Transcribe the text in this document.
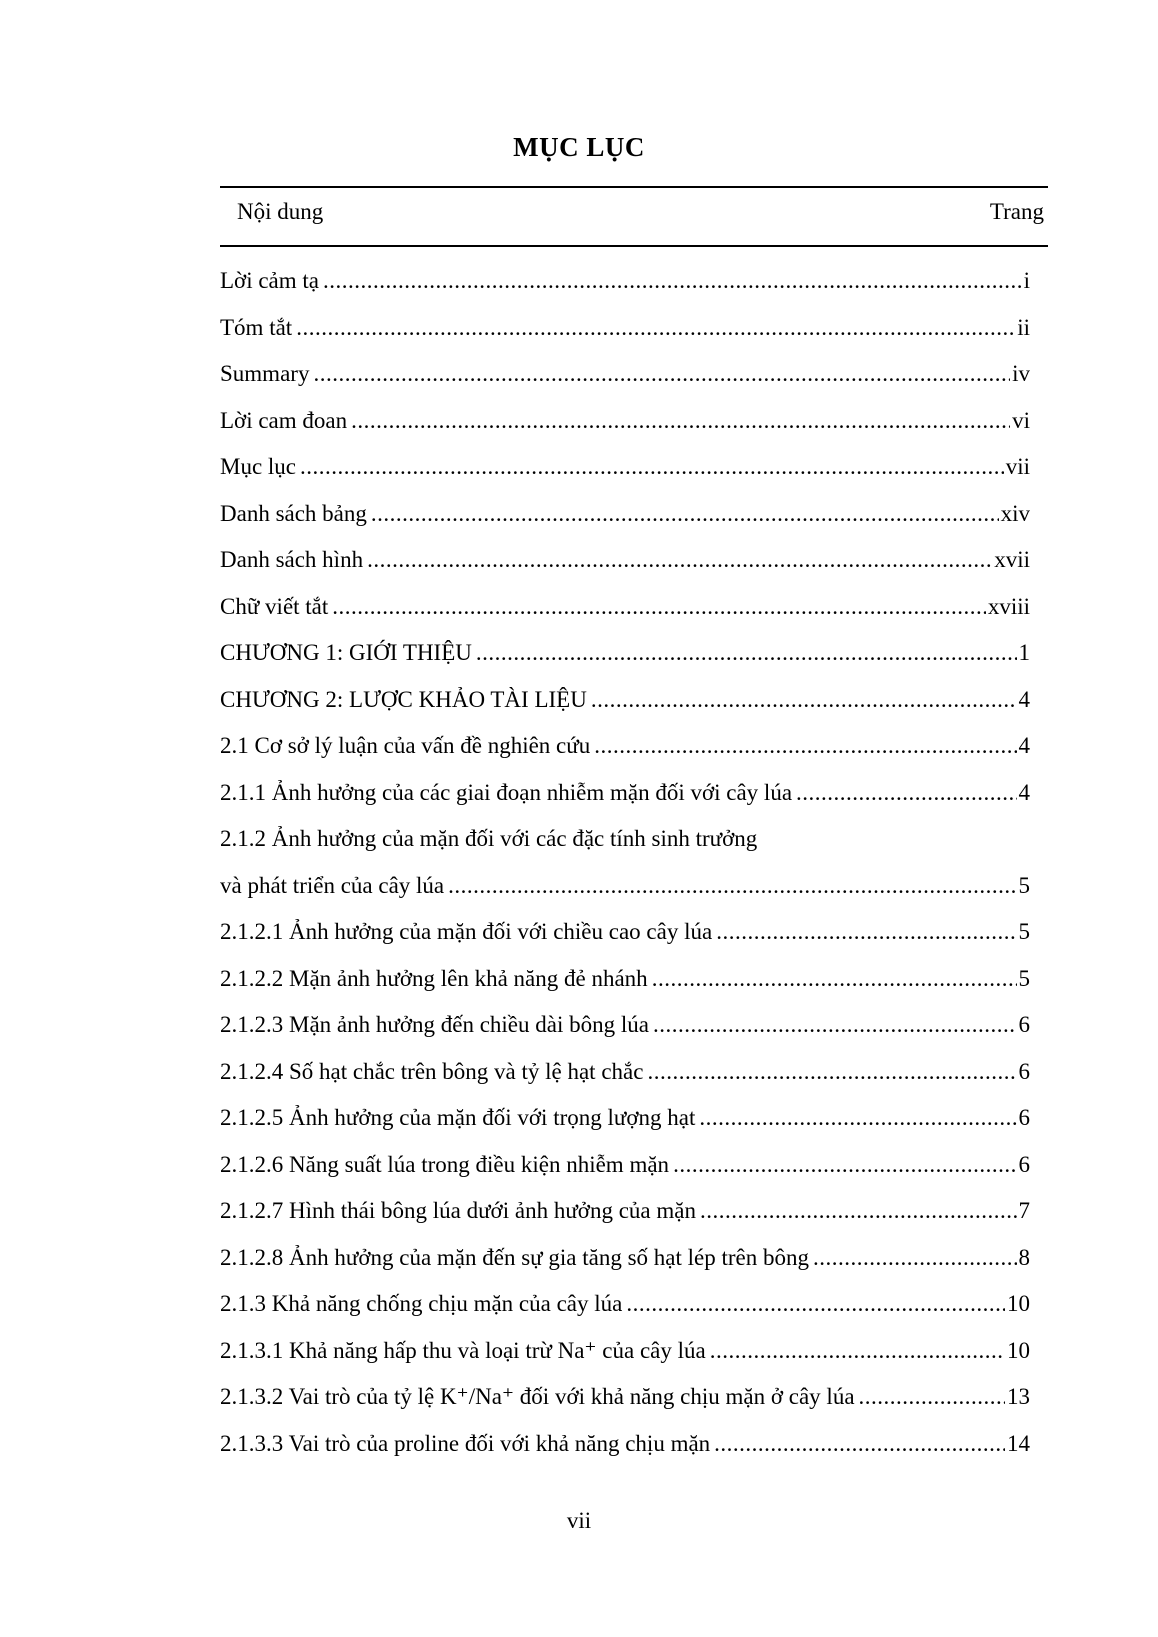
MỤC LỤC
Nội dung	Trang
Lời cảm tạ .....	i
Tóm tắt .....	ii
Summary .....	iv
Lời cam đoan .....	vi
Mục lục .....	vii
Danh sách bảng .....	xiv
Danh sách hình .....	xvii
Chữ viết tắt .....	xviii
CHƯƠNG 1: GIỚI THIỆU .....	1
CHƯƠNG 2: LƯỢC KHẢO TÀI LIỆU .....	4
2.1 Cơ sở lý luận của vấn đề nghiên cứu .....	4
2.1.1 Ảnh hưởng của các giai đoạn nhiễm mặn đối với cây lúa .....	4
2.1.2 Ảnh hưởng của mặn đối với các đặc tính sinh trưởng
và phát triển của cây lúa .....	5
2.1.2.1 Ảnh hưởng của mặn đối với chiều cao cây lúa .....	5
2.1.2.2 Mặn ảnh hưởng lên khả năng đẻ nhánh .....	5
2.1.2.3 Mặn ảnh hưởng đến chiều dài bông lúa .....	6
2.1.2.4 Số hạt chắc trên bông và tỷ lệ hạt chắc .....	6
2.1.2.5 Ảnh hưởng của mặn đối với trọng lượng hạt .....	6
2.1.2.6 Năng suất lúa trong điều kiện nhiễm mặn .....	6
2.1.2.7 Hình thái bông lúa dưới ảnh hưởng của mặn .....	7
2.1.2.8 Ảnh hưởng của mặn đến sự gia tăng số hạt lép trên bông .....	8
2.1.3 Khả năng chống chịu mặn của cây lúa .....	10
2.1.3.1 Khả năng hấp thu và loại trừ Na⁺ của cây lúa .....	10
2.1.3.2 Vai trò của tỷ lệ K⁺/Na⁺ đối với khả năng chịu mặn ở cây lúa .....	13
2.1.3.3 Vai trò của proline đối với khả năng chịu mặn .....	14
vii
